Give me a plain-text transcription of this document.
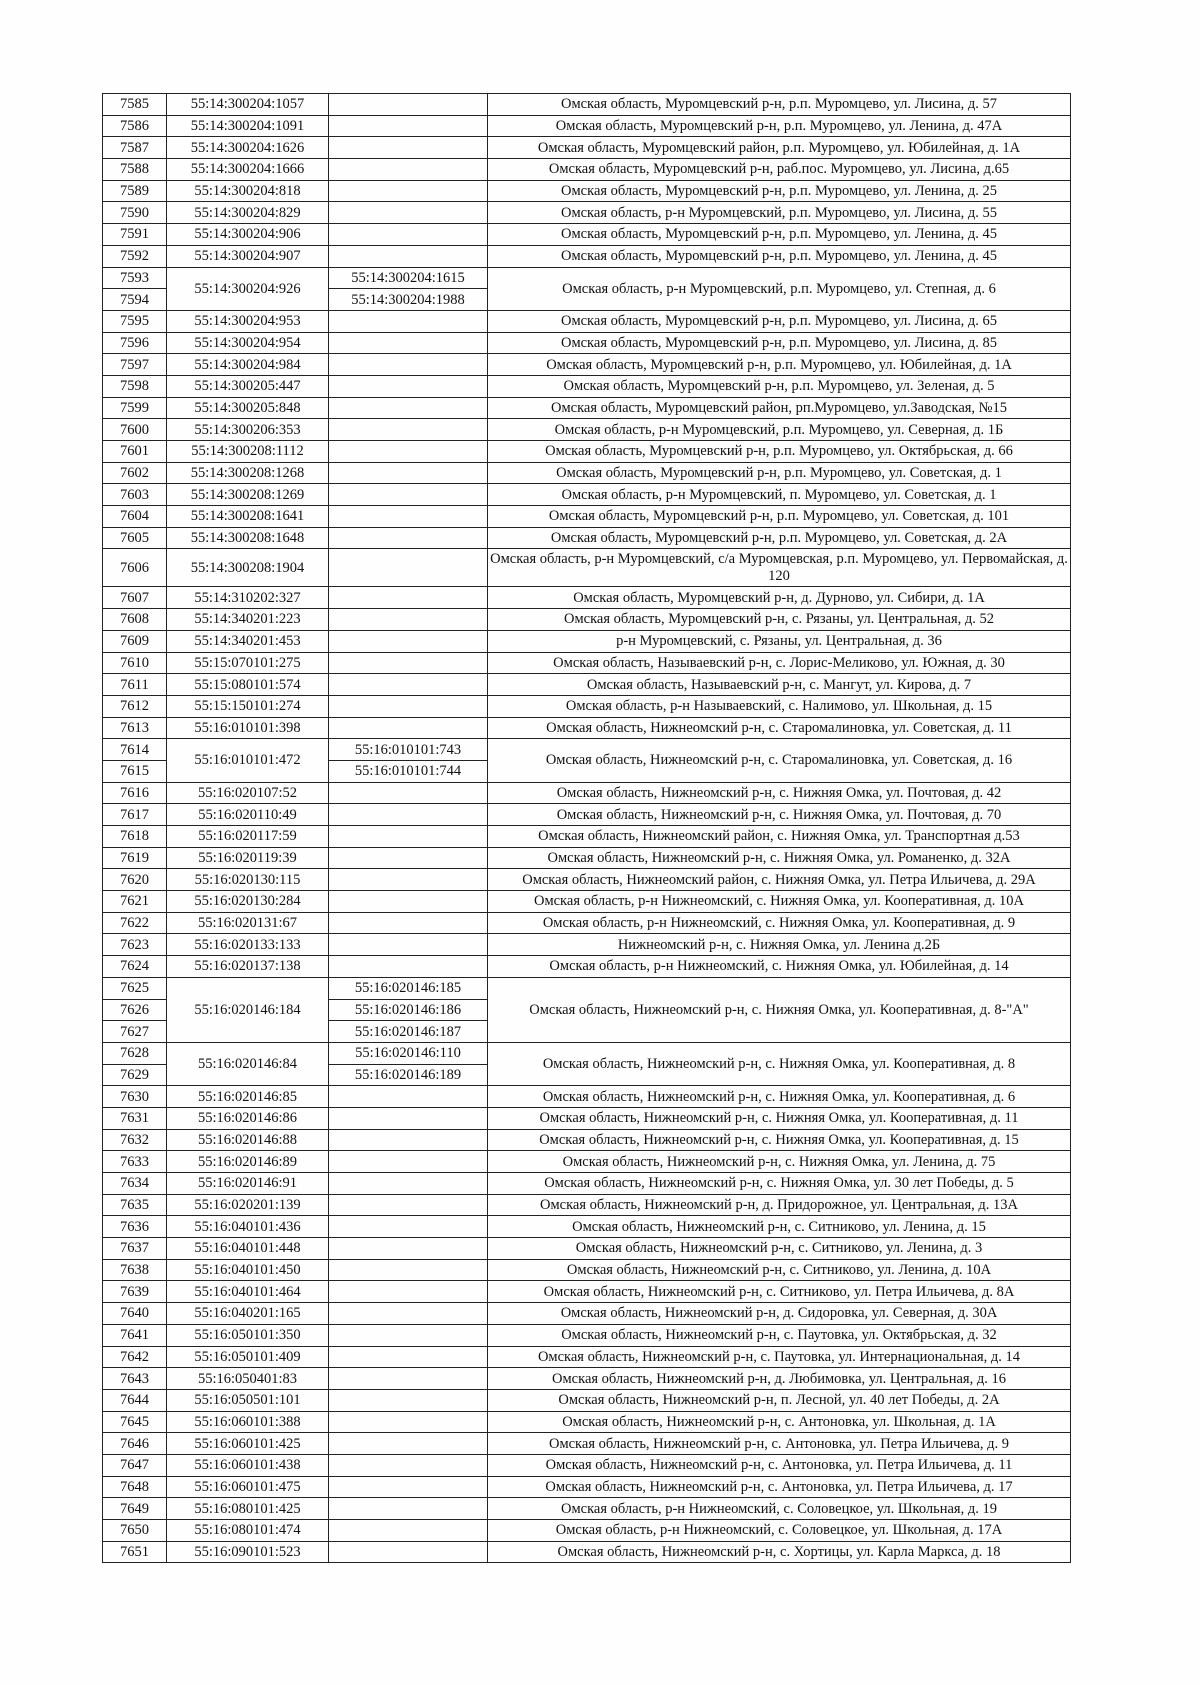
7585	55:14:300204:1057		Омская область, Муромцевский р-н, р.п. Муромцево, ул. Лисина, д. 57
7586	55:14:300204:1091		Омская область, Муромцевский р-н, р.п. Муромцево, ул. Ленина, д. 47А
7587	55:14:300204:1626		Омская область, Муромцевский район, р.п. Муромцево, ул. Юбилейная, д. 1А
7588	55:14:300204:1666		Омская область, Муромцевский р-н, раб.пос. Муромцево, ул. Лисина, д.65
7589	55:14:300204:818		Омская область, Муромцевский р-н, р.п. Муромцево, ул. Ленина, д. 25
7590	55:14:300204:829		Омская область, р-н Муромцевский, р.п. Муромцево, ул. Лисина, д. 55
7591	55:14:300204:906		Омская область, Муромцевский р-н, р.п. Муромцево, ул. Ленина, д. 45
7592	55:14:300204:907		Омская область, Муромцевский р-н, р.п. Муромцево, ул. Ленина, д. 45
7593	55:14:300204:926	55:14:300204:1615	Омская область, р-н Муромцевский, р.п. Муромцево, ул. Степная, д. 6
7594		55:14:300204:1988	
7595	55:14:300204:953		Омская область, Муромцевский р-н, р.п. Муромцево, ул. Лисина, д. 65
7596	55:14:300204:954		Омская область, Муромцевский р-н, р.п. Муромцево, ул. Лисина, д. 85
7597	55:14:300204:984		Омская область, Муромцевский р-н, р.п. Муромцево, ул. Юбилейная, д. 1А
7598	55:14:300205:447		Омская область, Муромцевский р-н, р.п. Муромцево, ул. Зеленая, д. 5
7599	55:14:300205:848		Омская область, Муромцевский район, рп.Муромцево, ул.Заводская, №15
7600	55:14:300206:353		Омская область, р-н Муромцевский, р.п. Муромцево, ул. Северная, д. 1Б
7601	55:14:300208:1112		Омская область, Муромцевский р-н, р.п. Муромцево, ул. Октябрьская, д. 66
7602	55:14:300208:1268		Омская область, Муромцевский р-н, р.п. Муромцево, ул. Советская, д. 1
7603	55:14:300208:1269		Омская область, р-н Муромцевский, п. Муромцево, ул. Советская, д. 1
7604	55:14:300208:1641		Омская область, Муромцевский р-н, р.п. Муромцево, ул. Советская, д. 101
7605	55:14:300208:1648		Омская область, Муромцевский р-н, р.п. Муромцево, ул. Советская, д. 2А
7606	55:14:300208:1904		Омская область, р-н Муромцевский, с/а Муромцевская, р.п. Муромцево, ул. Первомайская, д. 120
7607	55:14:310202:327		Омская область, Муромцевский р-н, д. Дурново, ул. Сибири, д. 1А
7608	55:14:340201:223		Омская область, Муромцевский р-н, с. Рязаны, ул. Центральная, д. 52
7609	55:14:340201:453		р-н Муромцевский, с. Рязаны, ул. Центральная, д. 36
7610	55:15:070101:275		Омская область, Называевский р-н, с. Лорис-Меликово, ул. Южная, д. 30
7611	55:15:080101:574		Омская область, Называевский р-н, с. Мангут, ул. Кирова, д. 7
7612	55:15:150101:274		Омская область, р-н Называевский, с. Налимово, ул. Школьная, д. 15
7613	55:16:010101:398		Омская область, Нижнеомский р-н, с. Старомалиновка, ул. Советская, д. 11
7614	55:16:010101:472	55:16:010101:743	Омская область, Нижнеомский р-н, с. Старомалиновка, ул. Советская, д. 16
7615		55:16:010101:744	
7616	55:16:020107:52		Омская область, Нижнеомский р-н, с. Нижняя Омка, ул. Почтовая, д. 42
7617	55:16:020110:49		Омская область, Нижнеомский р-н, с. Нижняя Омка, ул. Почтовая, д. 70
7618	55:16:020117:59		Омская область, Нижнеомский район, с. Нижняя Омка, ул. Транспортная д.53
7619	55:16:020119:39		Омская область, Нижнеомский р-н, с. Нижняя Омка, ул. Романенко, д. 32А
7620	55:16:020130:115		Омская область, Нижнеомский район, с. Нижняя Омка, ул. Петра Ильичева, д. 29А
7621	55:16:020130:284		Омская область, р-н Нижнеомский, с. Нижняя Омка, ул. Кооперативная, д. 10А
7622	55:16:020131:67		Омская область, р-н Нижнеомский, с. Нижняя Омка, ул. Кооперативная, д. 9
7623	55:16:020133:133		Нижнеомский р-н, с. Нижняя Омка, ул. Ленина д.2Б
7624	55:16:020137:138		Омская область, р-н Нижнеомский, с. Нижняя Омка, ул. Юбилейная, д. 14
7625	55:16:020146:184	55:16:020146:185	Омская область, Нижнеомский р-н, с. Нижняя Омка, ул. Кооперативная, д. 8-"А"
7626		55:16:020146:186	
7627		55:16:020146:187	
7628	55:16:020146:84	55:16:020146:110	Омская область, Нижнеомский р-н, с. Нижняя Омка, ул. Кооперативная, д. 8
7629		55:16:020146:189	
7630	55:16:020146:85		Омская область, Нижнеомский р-н, с. Нижняя Омка, ул. Кооперативная, д. 6
7631	55:16:020146:86		Омская область, Нижнеомский р-н, с. Нижняя Омка, ул. Кооперативная, д. 11
7632	55:16:020146:88		Омская область, Нижнеомский р-н, с. Нижняя Омка, ул. Кооперативная, д. 15
7633	55:16:020146:89		Омская область, Нижнеомский р-н, с. Нижняя Омка, ул. Ленина, д. 75
7634	55:16:020146:91		Омская область, Нижнеомский р-н, с. Нижняя Омка, ул. 30 лет Победы, д. 5
7635	55:16:020201:139		Омская область, Нижнеомский р-н, д. Придорожное, ул. Центральная, д. 13А
7636	55:16:040101:436		Омская область, Нижнеомский р-н, с. Ситниково, ул. Ленина, д. 15
7637	55:16:040101:448		Омская область, Нижнеомский р-н, с. Ситниково, ул. Ленина, д. 3
7638	55:16:040101:450		Омская область, Нижнеомский р-н, с. Ситниково, ул. Ленина, д. 10А
7639	55:16:040101:464		Омская область, Нижнеомский р-н, с. Ситниково, ул. Петра Ильичева, д. 8А
7640	55:16:040201:165		Омская область, Нижнеомский р-н, д. Сидоровка, ул. Северная, д. 30А
7641	55:16:050101:350		Омская область, Нижнеомский р-н, с. Паутовка, ул. Октябрьская, д. 32
7642	55:16:050101:409		Омская область, Нижнеомский р-н, с. Паутовка, ул. Интернациональная, д. 14
7643	55:16:050401:83		Омская область, Нижнеомский р-н, д. Любимовка, ул. Центральная, д. 16
7644	55:16:050501:101		Омская область, Нижнеомский р-н, п. Лесной, ул. 40 лет Победы, д. 2А
7645	55:16:060101:388		Омская область, Нижнеомский р-н, с. Антоновка, ул. Школьная, д. 1А
7646	55:16:060101:425		Омская область, Нижнеомский р-н, с. Антоновка, ул. Петра Ильичева, д. 9
7647	55:16:060101:438		Омская область, Нижнеомский р-н, с. Антоновка, ул. Петра Ильичева, д. 11
7648	55:16:060101:475		Омская область, Нижнеомский р-н, с. Антоновка, ул. Петра Ильичева, д. 17
7649	55:16:080101:425		Омская область, р-н Нижнеомский, с. Соловецкое, ул. Школьная, д. 19
7650	55:16:080101:474		Омская область, р-н Нижнеомский, с. Соловецкое, ул. Школьная, д. 17А
7651	55:16:090101:523		Омская область, Нижнеомский р-н, с. Хортицы, ул. Карла Маркса, д. 18
